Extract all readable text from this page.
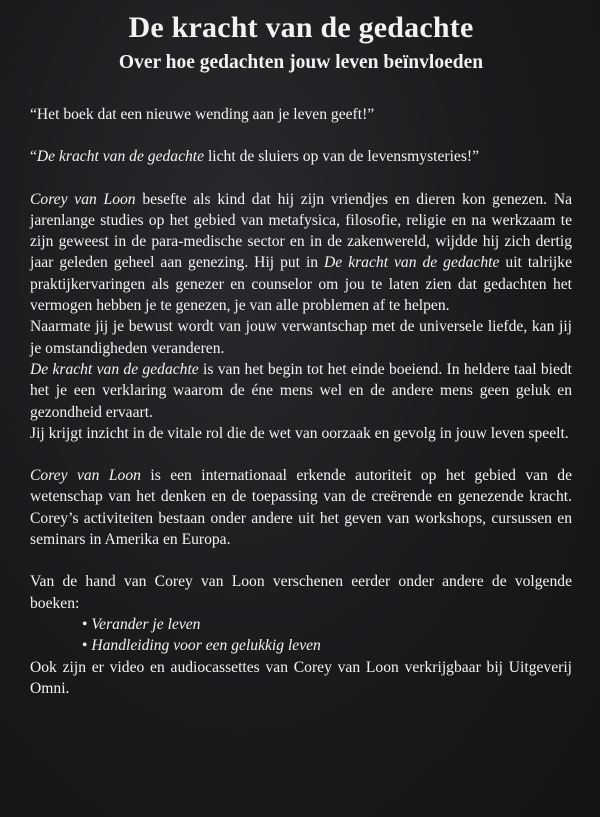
De kracht van de gedachte
Over hoe gedachten jouw leven beïnvloeden

“Het boek dat een nieuwe wending aan je leven geeft!”

“De kracht van de gedachte licht de sluiers op van de levensmysteries!”

Corey van Loon besefte als kind dat hij zijn vriendjes en dieren kon genezen. Na jarenlange studies op het gebied van metafysica, filosofie, religie en na werkzaam te zijn geweest in de para-medische sector en in de zakenwereld, wijdde hij zich dertig jaar geleden geheel aan genezing. Hij put in De kracht van de gedachte uit talrijke praktijkervaringen als genezer en counselor om jou te laten zien dat gedachten het vermogen hebben je te genezen, je van alle problemen af te helpen.

Naarmate jij je bewust wordt van jouw verwantschap met de universele liefde, kan jij je omstandigheden veranderen.

De kracht van de gedachte is van het begin tot het einde boeiend. In heldere taal biedt het je een verklaring waarom de éne mens wel en de andere mens geen geluk en gezondheid ervaart.

Jij krijgt inzicht in de vitale rol die de wet van oorzaak en gevolg in jouw leven speelt.

Corey van Loon is een internationaal erkende autoriteit op het gebied van de wetenschap van het denken en de toepassing van de creërende en genezende kracht. Corey’s activiteiten bestaan onder andere uit het geven van workshops, cursussen en seminars in Amerika en Europa.

Van de hand van Corey van Loon verschenen eerder onder andere de volgende boeken:

• Verander je leven
• Handleiding voor een gelukkig leven

Ook zijn er video en audiocassettes van Corey van Loon verkrijgbaar bij Uitgeverij Omni.
